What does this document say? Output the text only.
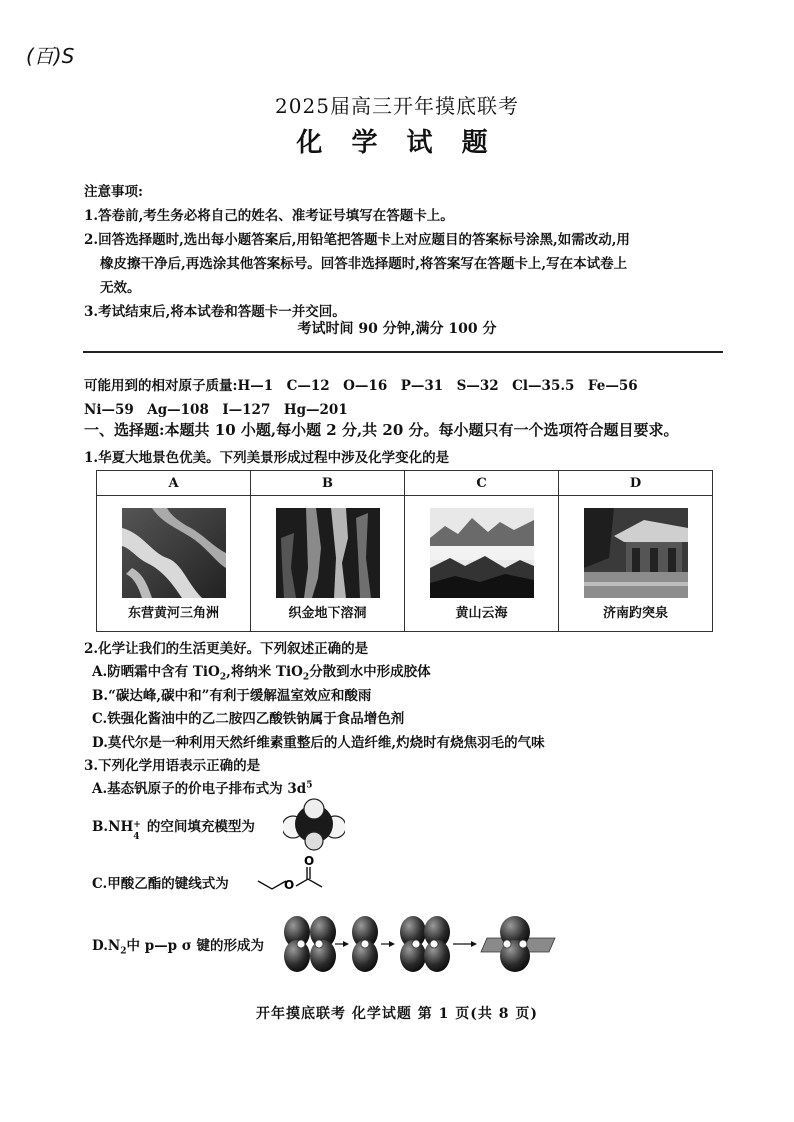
(百)S
2025届高三开年摸底联考
化 学 试 题
注意事项:

1.答卷前,考生务必将自己的姓名、准考证号填写在答题卡上。

2.回答选择题时,选出每小题答案后,用铅笔把答题卡上对应题目的答案标号涂黑,如需改动,用

橡皮擦干净后,再选涂其他答案标号。回答非选择题时,将答案写在答题卡上,写在本试卷上

无效。

3.考试结束后,将本试卷和答题卡一并交回。

考试时间 90 分钟,满分 100 分
可能用到的相对原子质量:H—1　C—12　O—16　P—31　S—32　Cl—35.5　Fe—56
Ni—59　Ag—108　I—127　Hg—201
一、选择题:本题共 10 小题,每小题 2 分,共 20 分。每小题只有一个选项符合题目要求。
1.华夏大地景色优美。下列美景形成过程中涉及化学变化的是
A	B	C	D

东营黄河三角洲	织金地下溶洞	黄山云海	济南趵突泉
2.化学让我们的生活更美好。下列叙述正确的是
A.防晒霜中含有 TiO$_2$,将纳米 TiO$_2$分散到水中形成胶体
B.“碳达峰,碳中和”有利于缓解温室效应和酸雨
C.铁强化酱油中的乙二胺四乙酸铁钠属于食品增色剂
D.莫代尔是一种利用天然纤维素重整后的人造纤维,灼烧时有烧焦羽毛的气味
3.下列化学用语表示正确的是
A.基态钒原子的价电子排布式为 $3d^5$
B.NH +
4
的空间填充模型为
C.甲酸乙酯的键线式为	O
O
$D.N_2$中 p—p σ 键的形成为
开年摸底联考 化学试题 第 1 页(共 8 页)
